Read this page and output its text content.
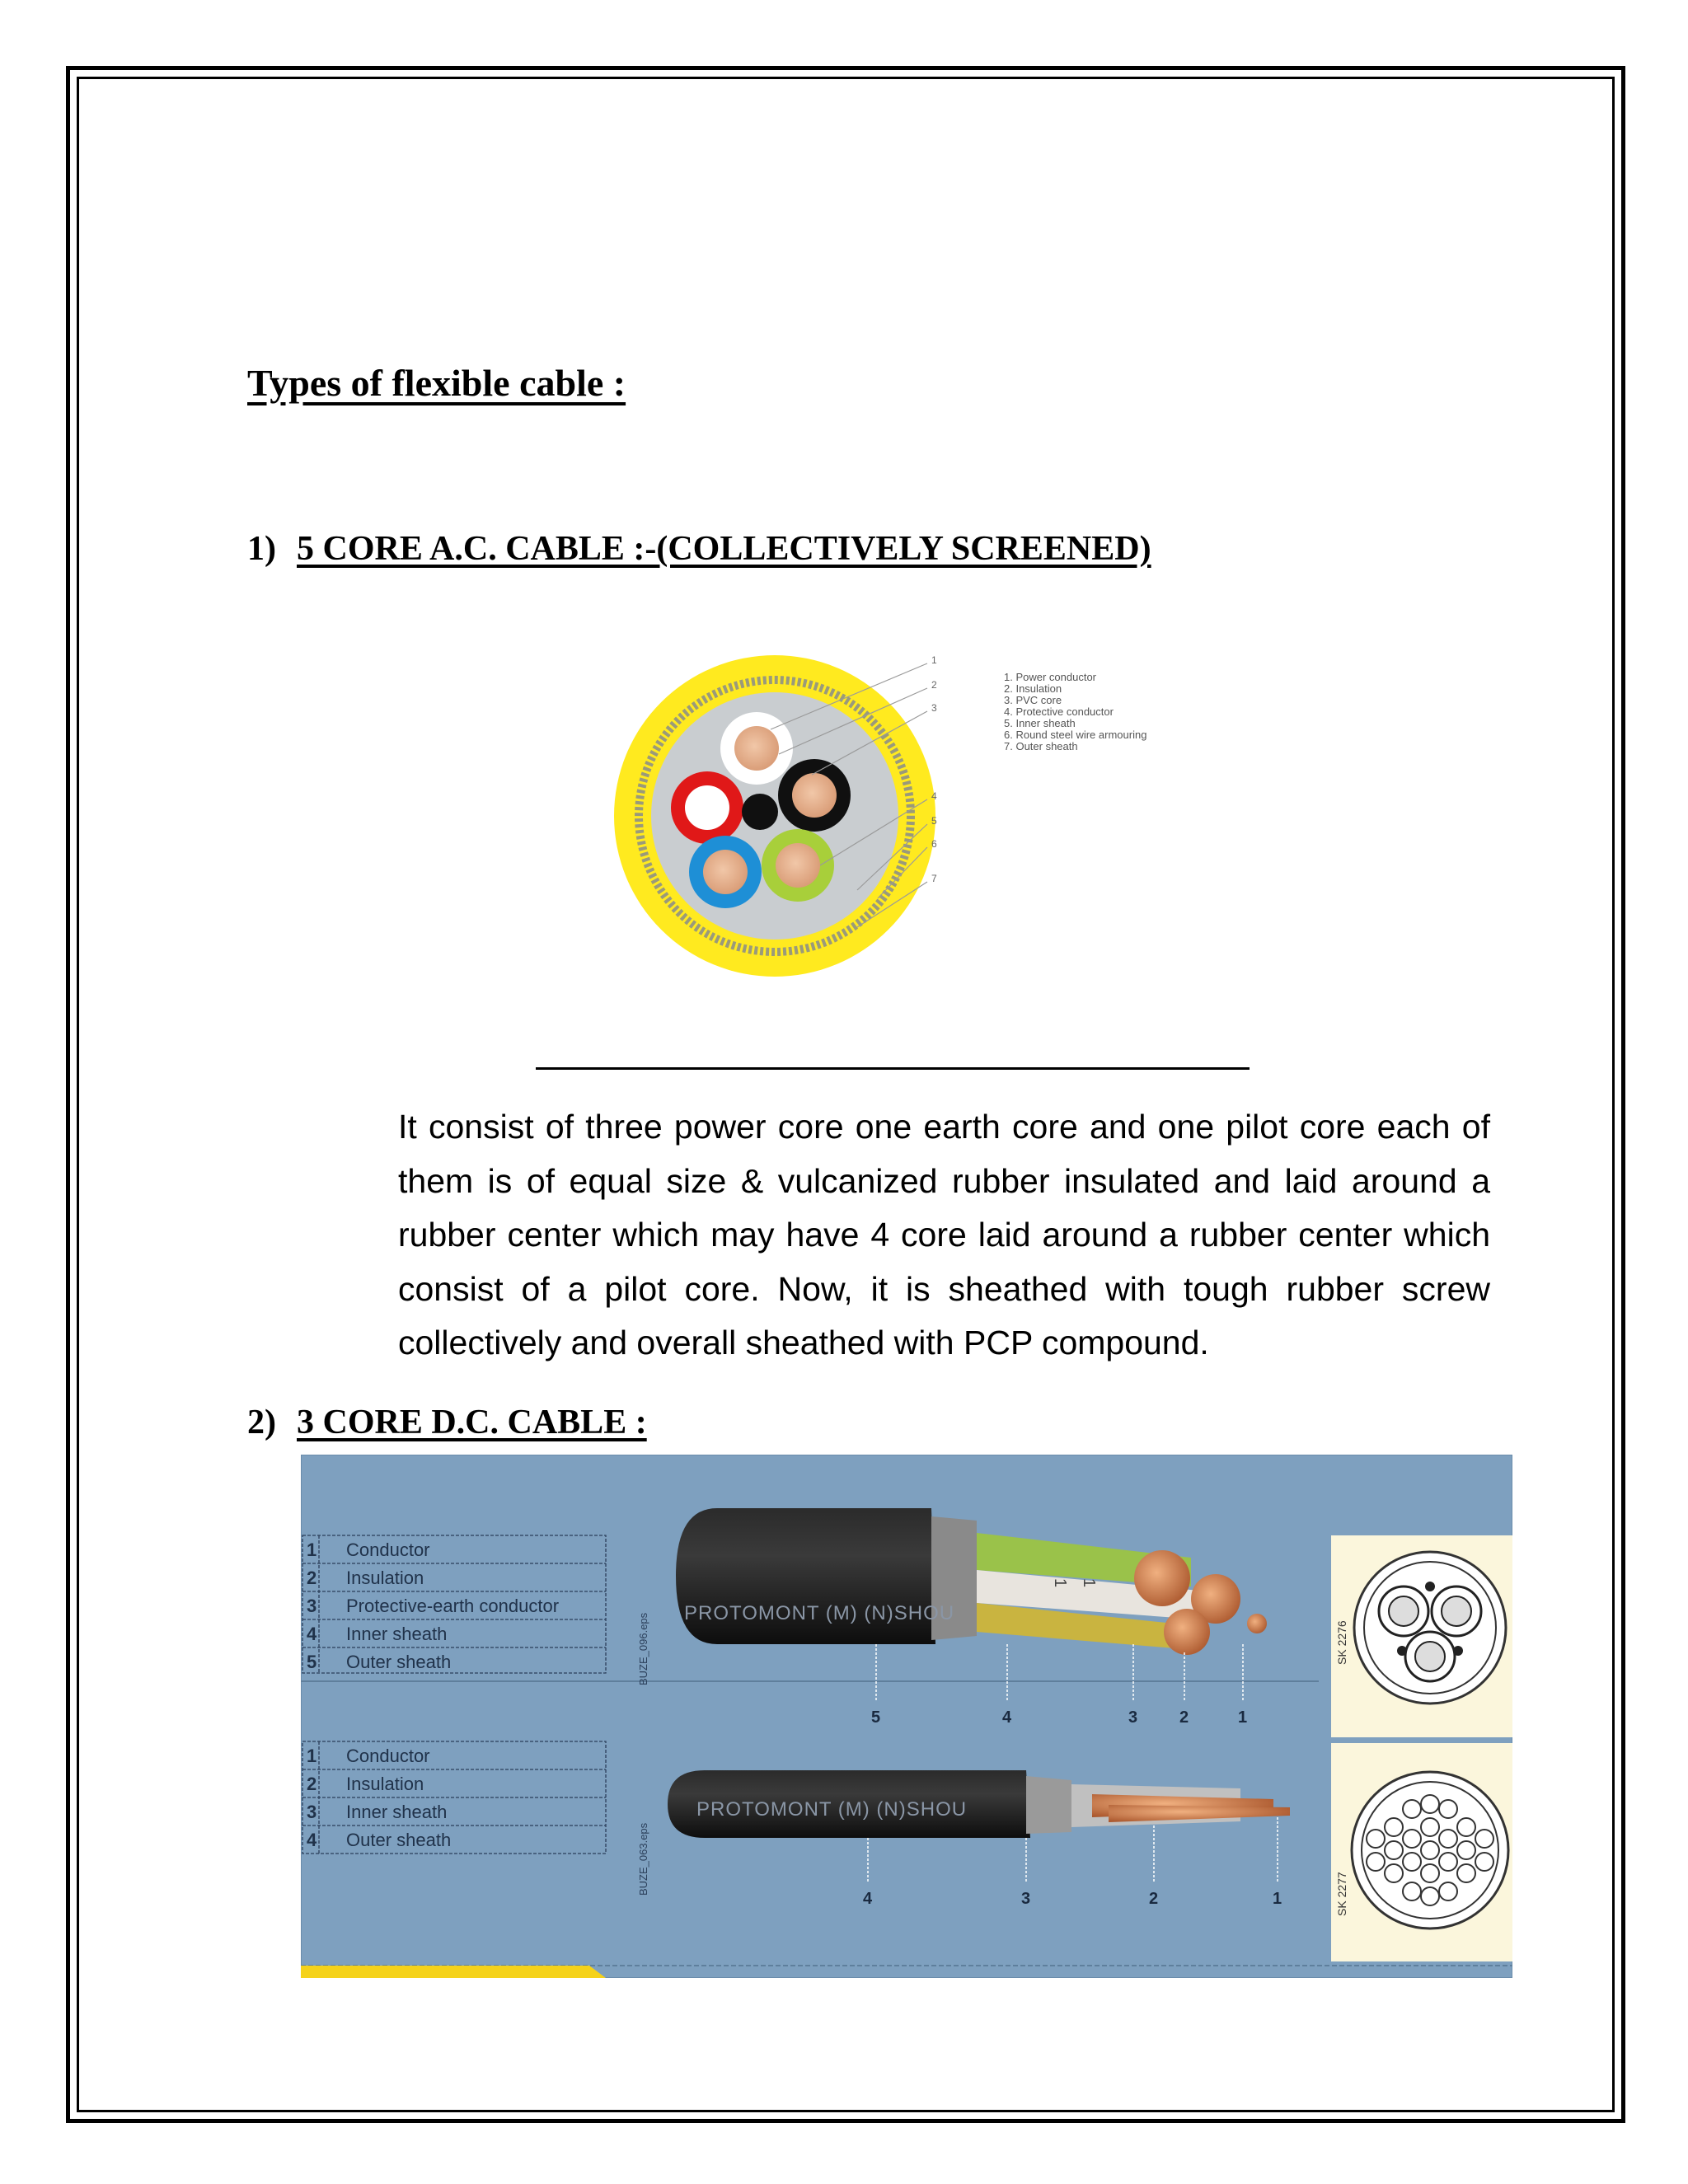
Types of flexible cable :
1) 5 CORE A.C. CABLE :-(COLLECTIVELY SCREENED)
1
2
3
4
5
6
7
1. Power conductor
2. Insulation
3. PVC core
4. Protective conductor
5. Inner sheath
6. Round steel wire armouring
7. Outer sheath
It consist of three power core one earth core and one pilot core each of them is of equal size & vulcanized rubber insulated and laid around a rubber center which may have 4 core laid around a rubber center which consist of a pilot core. Now, it is sheathed with tough rubber screw collectively and overall sheathed with PCP compound.
2) 3 CORE D.C. CABLE :
1 Conductor
2 Insulation
3 Protective-earth conductor
4 Inner sheath
5 Outer sheath
1 Conductor
2 Insulation
3 Inner sheath
4 Outer sheath
BUZE_096.eps
BUZE_063.eps
PROTOMONT (M) (N)SHOU
1 1
5	4	3	2	1
PROTOMONT (M) (N)SHOU
4	3	2	1
SK 2276
SK 2277
